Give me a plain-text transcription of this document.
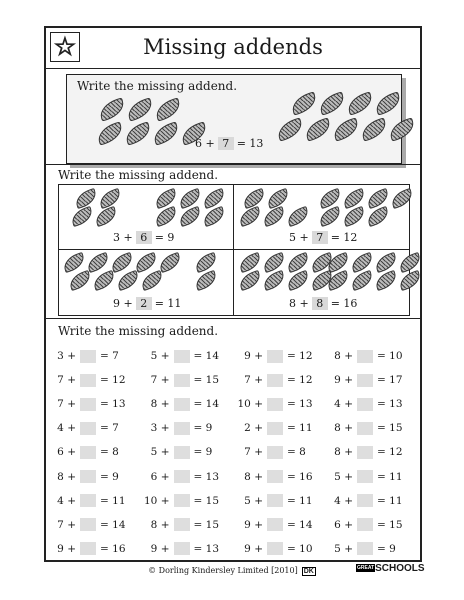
☆	Missing addends
Write the missing addend.
6 + 7 = 13
Write the missing addend.
3 + 6 = 9	5 + 7 = 12
9 + 2 = 11	8 + 8 = 16
Write the missing addend.
3 +		= 7	5 +		= 14	9 +		= 12	8 +		= 10
7 +		= 12	7 +		= 15	7 +		= 12	9 +		= 17
7 +		= 13	8 +		= 14	10 +		= 13	4 +		= 13
4 +		= 7	3 +		= 9	2 +		= 11	8 +		= 15
6 +		= 8	5 +		= 9	7 +		= 8	8 +		= 12
8 +		= 9	6 +		= 13	8 +		= 16	5 +		= 11
4 +		= 11	10 +		= 15	5 +		= 11	4 +		= 11
7 +		= 14	8 +		= 15	9 +		= 14	6 +		= 15
9 +		= 16	9 +		= 13	9 +		= 10	5 +		= 9
© Dorling Kindersley Limited [2010] DK	GREATSCHOOLS
